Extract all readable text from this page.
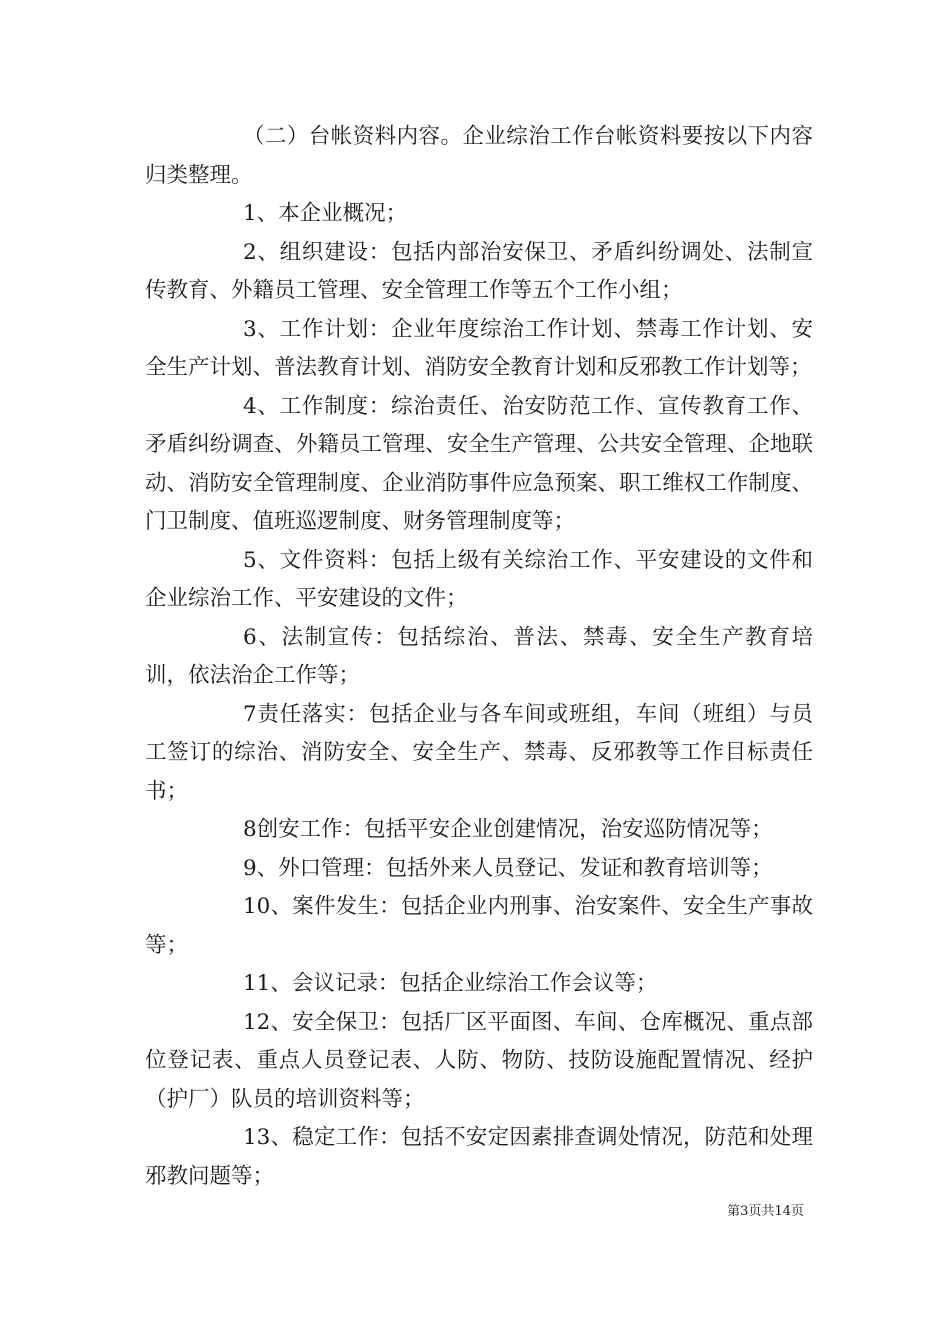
（二）台帐资料内容。企业综治工作台帐资料要按以下内容归类整理。

1、本企业概况；

2、组织建设：包括内部治安保卫、矛盾纠纷调处、法制宣传教育、外籍员工管理、安全管理工作等五个工作小组；

3、工作计划：企业年度综治工作计划、禁毒工作计划、安全生产计划、普法教育计划、消防安全教育计划和反邪教工作计划等；

4、工作制度：综治责任、治安防范工作、宣传教育工作、矛盾纠纷调查、外籍员工管理、安全生产管理、公共安全管理、企地联动、消防安全管理制度、企业消防事件应急预案、职工维权工作制度、门卫制度、值班巡逻制度、财务管理制度等；

5、文件资料：包括上级有关综治工作、平安建设的文件和企业综治工作、平安建设的文件；

6、法制宣传：包括综治、普法、禁毒、安全生产教育培训，依法治企工作等；

7责任落实：包括企业与各车间或班组，车间（班组）与员工签订的综治、消防安全、安全生产、禁毒、反邪教等工作目标责任书；

8创安工作：包括平安企业创建情况，治安巡防情况等；

9、外口管理：包括外来人员登记、发证和教育培训等；

10、案件发生：包括企业内刑事、治安案件、安全生产事故等；

11、会议记录：包括企业综治工作会议等；

12、安全保卫：包括厂区平面图、车间、仓库概况、重点部位登记表、重点人员登记表、人防、物防、技防设施配置情况、经护（护厂）队员的培训资料等；

13、稳定工作：包括不安定因素排查调处情况，防范和处理邪教问题等；

第3页共14页
